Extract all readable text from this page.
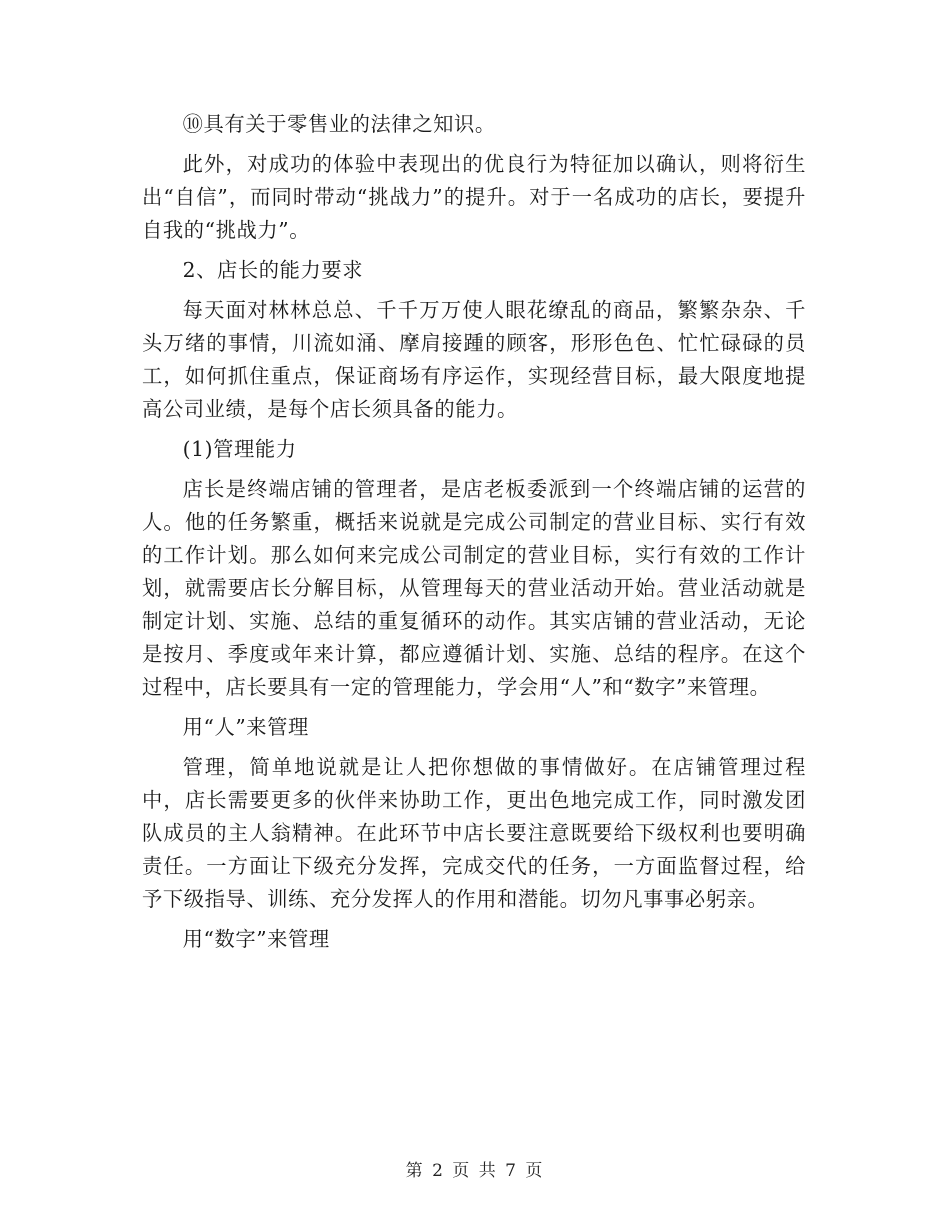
⑩具有关于零售业的法律之知识。

此外，对成功的体验中表现出的优良行为特征加以确认，则将衍生出“自信”，而同时带动“挑战力”的提升。对于一名成功的店长，要提升自我的“挑战力”。

2、店长的能力要求

每天面对林林总总、千千万万使人眼花缭乱的商品，繁繁杂杂、千头万绪的事情，川流如涌、摩肩接踵的顾客，形形色色、忙忙碌碌的员工，如何抓住重点，保证商场有序运作，实现经营目标，最大限度地提高公司业绩，是每个店长须具备的能力。

(1)管理能力

店长是终端店铺的管理者，是店老板委派到一个终端店铺的运营的人。他的任务繁重，概括来说就是完成公司制定的营业目标、实行有效的工作计划。那么如何来完成公司制定的营业目标，实行有效的工作计划，就需要店长分解目标，从管理每天的营业活动开始。营业活动就是制定计划、实施、总结的重复循环的动作。其实店铺的营业活动，无论是按月、季度或年来计算，都应遵循计划、实施、总结的程序。在这个过程中，店长要具有一定的管理能力，学会用“人”和“数字”来管理。

用“人”来管理

管理，简单地说就是让人把你想做的事情做好。在店铺管理过程中，店长需要更多的伙伴来协助工作，更出色地完成工作，同时激发团队成员的主人翁精神。在此环节中店长要注意既要给下级权利也要明确责任。一方面让下级充分发挥，完成交代的任务，一方面监督过程，给予下级指导、训练、充分发挥人的作用和潜能。切勿凡事事必躬亲。

用“数字”来管理

第 2 页 共 7 页
